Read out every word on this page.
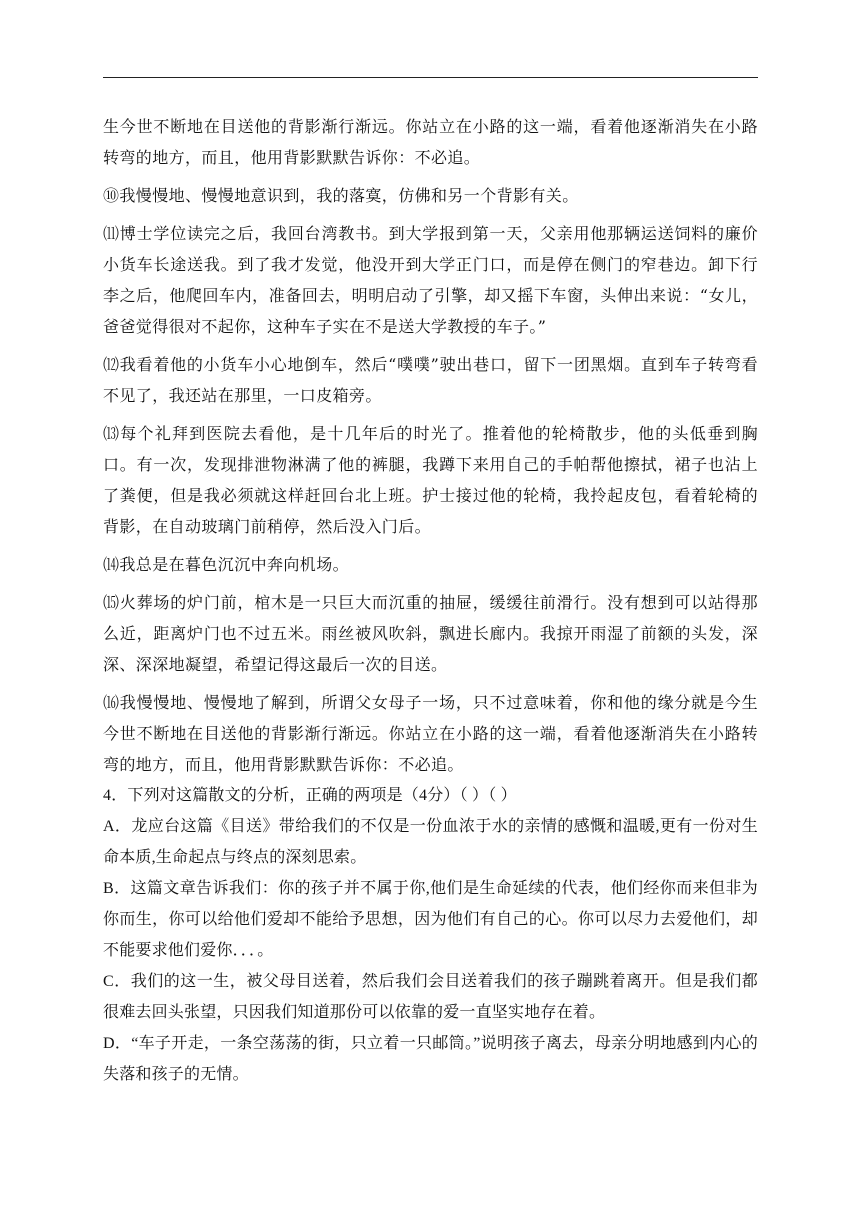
生今世不断地在目送他的背影渐行渐远。你站立在小路的这一端，看着他逐渐消失在小路转弯的地方，而且，他用背影默默告诉你：不必追。

⑩我慢慢地、慢慢地意识到，我的落寞，仿佛和另一个背影有关。

⑾博士学位读完之后，我回台湾教书。到大学报到第一天，父亲用他那辆运送饲料的廉价小货车长途送我。到了我才发觉，他没开到大学正门口，而是停在侧门的窄巷边。卸下行李之后，他爬回车内，准备回去，明明启动了引擎，却又摇下车窗，头伸出来说：“女儿，爸爸觉得很对不起你，这种车子实在不是送大学教授的车子。”

⑿我看着他的小货车小心地倒车，然后“噗噗”驶出巷口，留下一团黑烟。直到车子转弯看不见了，我还站在那里，一口皮箱旁。

⒀每个礼拜到医院去看他，是十几年后的时光了。推着他的轮椅散步，他的头低垂到胸口。有一次，发现排泄物淋满了他的裤腿，我蹲下来用自己的手帕帮他擦拭，裙子也沾上了粪便，但是我必须就这样赶回台北上班。护士接过他的轮椅，我拎起皮包，看着轮椅的背影，在自动玻璃门前稍停，然后没入门后。

⒁我总是在暮色沉沉中奔向机场。

⒂火葬场的炉门前，棺木是一只巨大而沉重的抽屉，缓缓往前滑行。没有想到可以站得那么近，距离炉门也不过五米。雨丝被风吹斜，飘进长廊内。我掠开雨湿了前额的头发，深深、深深地凝望，希望记得这最后一次的目送。

⒃我慢慢地、慢慢地了解到，所谓父女母子一场，只不过意味着，你和他的缘分就是今生今世不断地在目送他的背影渐行渐远。你站立在小路的这一端，看着他逐渐消失在小路转弯的地方，而且，他用背影默默告诉你：不必追。

4．下列对这篇散文的分析，正确的两项是（4分）（ ）（ ）

A．龙应台这篇《目送》带给我们的不仅是一份血浓于水的亲情的感慨和温暖,更有一份对生命本质,生命起点与终点的深刻思索。

B．这篇文章告诉我们：你的孩子并不属于你,他们是生命延续的代表，他们经你而来但非为你而生，你可以给他们爱却不能给予思想，因为他们有自己的心。你可以尽力去爱他们，却不能要求他们爱你．．．。

C．我们的这一生，被父母目送着，然后我们会目送着我们的孩子蹦跳着离开。但是我们都很难去回头张望，只因我们知道那份可以依靠的爱一直坚实地存在着。

D．“车子开走，一条空荡荡的街，只立着一只邮筒。”说明孩子离去，母亲分明地感到内心的失落和孩子的无情。
